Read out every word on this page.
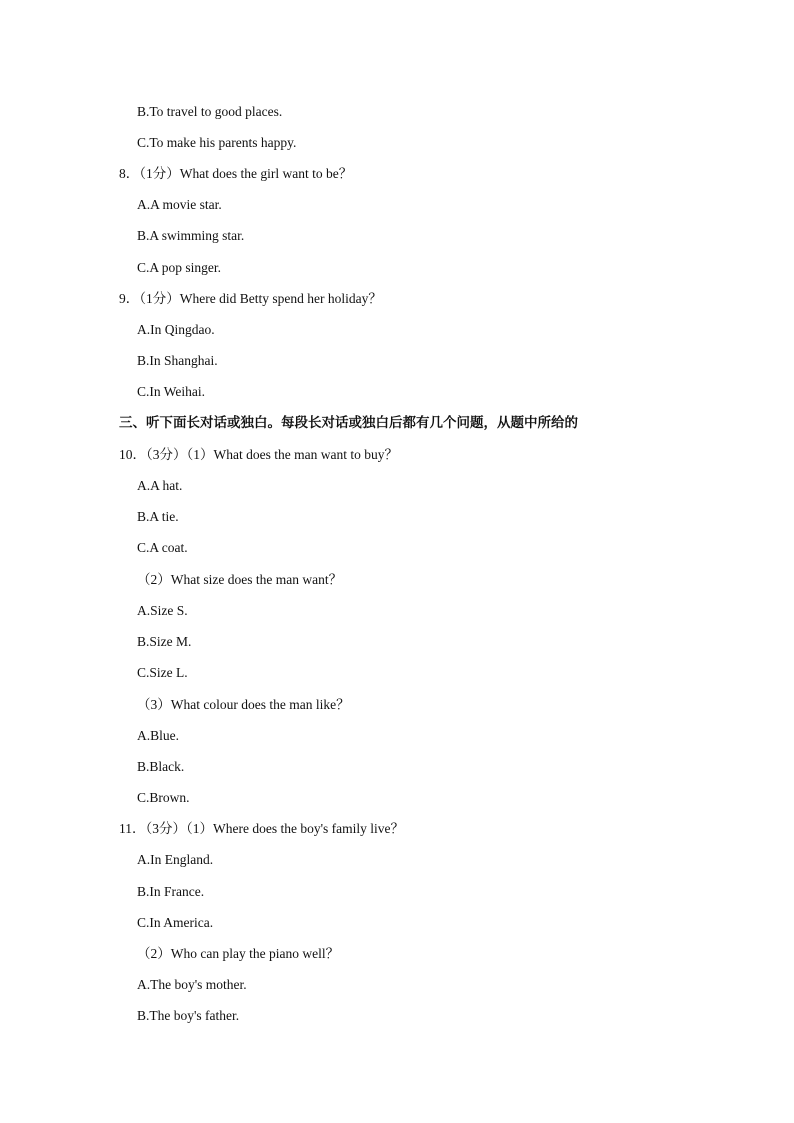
B.To travel to good places.
C.To make his parents happy.
8．（1分）What does the girl want to be？
A.A movie star.
B.A swimming star.
C.A pop singer.
9．（1分）Where did Betty spend her holiday？
A.In Qingdao.
B.In Shanghai.
C.In Weihai.
三、听下面长对话或独白。每段长对话或独白后都有几个问题，从题中所给的
10．（3分）（1）What does the man want to buy？
A.A hat.
B.A tie.
C.A coat.
（2）What size does the man want？
A.Size S.
B.Size M.
C.Size L.
（3）What colour does the man like？
A.Blue.
B.Black.
C.Brown.
11．（3分）（1）Where does the boy's family live？
A.In England.
B.In France.
C.In America.
（2）Who can play the piano well？
A.The boy's mother.
B.The boy's father.
